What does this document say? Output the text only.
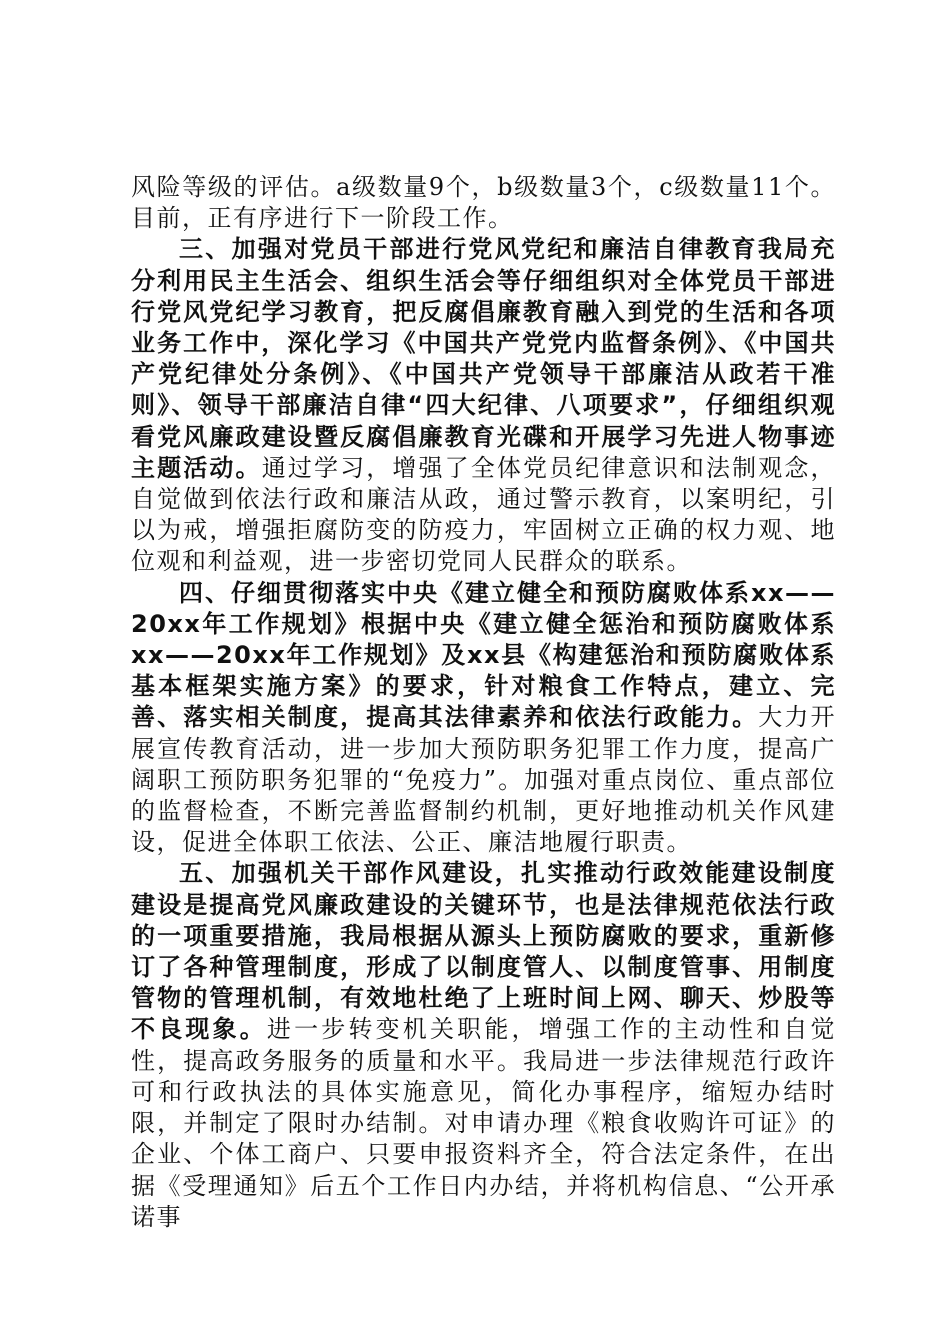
风险等级的评估。a级数量9个，b级数量3个，c级数量11个。目前，正有序进行下一阶段工作。

三、加强对党员干部进行党风党纪和廉洁自律教育我局充分利用民主生活会、组织生活会等仔细组织对全体党员干部进行党风党纪学习教育，把反腐倡廉教育融入到党的生活和各项业务工作中，深化学习《中国共产党党内监督条例》、《中国共产党纪律处分条例》、《中国共产党领导干部廉洁从政若干准则》、领导干部廉洁自律“四大纪律、八项要求”，仔细组织观看党风廉政建设暨反腐倡廉教育光碟和开展学习先进人物事迹主题活动。通过学习，增强了全体党员纪律意识和法制观念，自觉做到依法行政和廉洁从政，通过警示教育，以案明纪，引以为戒，增强拒腐防变的防疫力，牢固树立正确的权力观、地位观和利益观，进一步密切党同人民群众的联系。

四、仔细贯彻落实中央《建立健全和预防腐败体系xx——20xx年工作规划》根据中央《建立健全惩治和预防腐败体系xx——20xx年工作规划》及xx县《构建惩治和预防腐败体系基本框架实施方案》的要求，针对粮食工作特点，建立、完善、落实相关制度，提高其法律素养和依法行政能力。大力开展宣传教育活动，进一步加大预防职务犯罪工作力度，提高广阔职工预防职务犯罪的“免疫力”。加强对重点岗位、重点部位的监督检查，不断完善监督制约机制，更好地推动机关作风建设，促进全体职工依法、公正、廉洁地履行职责。

五、加强机关干部作风建设，扎实推动行政效能建设制度建设是提高党风廉政建设的关键环节，也是法律规范依法行政的一项重要措施，我局根据从源头上预防腐败的要求，重新修订了各种管理制度，形成了以制度管人、以制度管事、用制度管物的管理机制，有效地杜绝了上班时间上网、聊天、炒股等不良现象。进一步转变机关职能，增强工作的主动性和自觉性，提高政务服务的质量和水平。我局进一步法律规范行政许可和行政执法的具体实施意见，简化办事程序，缩短办结时限，并制定了限时办结制。对申请办理《粮食收购许可证》的企业、个体工商户、只要申报资料齐全，符合法定条件，在出据《受理通知》后五个工作日内办结，并将机构信息、“公开承诺事
